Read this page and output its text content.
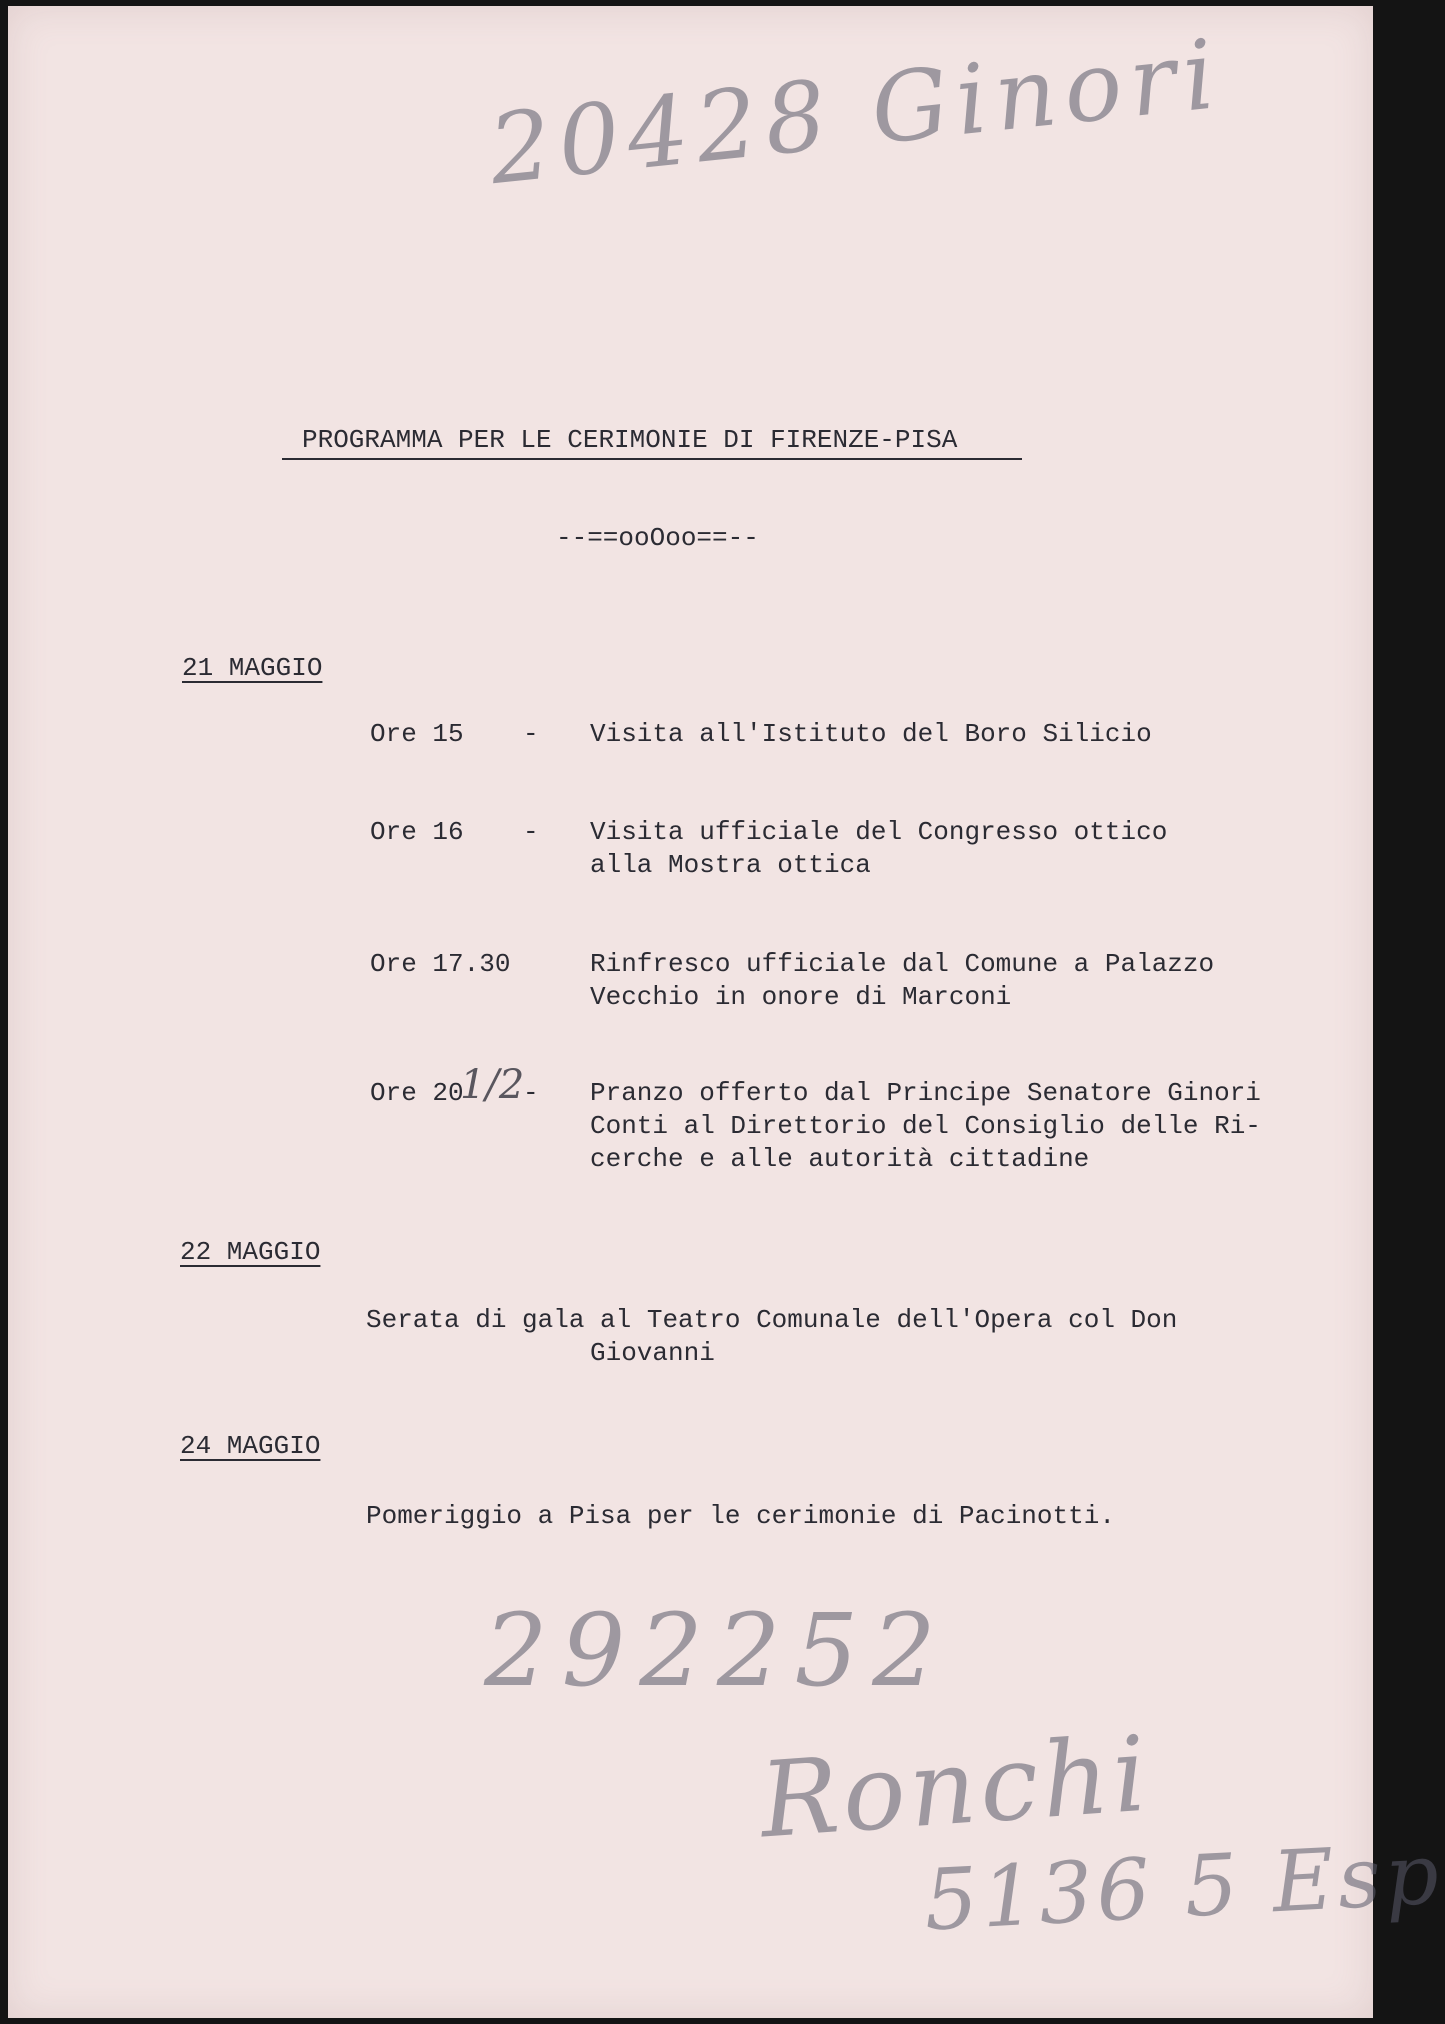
20428 Ginori
PROGRAMMA PER LE CERIMONIE DI FIRENZE-PISA
--==ooOoo==--
21 MAGGIO
Ore 15 - Visita all'Istituto del Boro Silicio
Ore 16 - Visita ufficiale del Congresso ottico
alla Mostra ottica
Ore 17.30	Rinfresco ufficiale dal Comune a Palazzo
Vecchio in onore di Marconi
Ore 20
1/2
- Pranzo offerto dal Principe Senatore Ginori
Conti al Direttorio del Consiglio delle Ri-
cerche e alle autorità cittadine
22 MAGGIO
Serata di gala al Teatro Comunale dell'Opera col Don
Giovanni
24 MAGGIO
Pomeriggio a Pisa per le cerimonie di Pacinotti.
292252
Ronchi
5136 5 Esp
